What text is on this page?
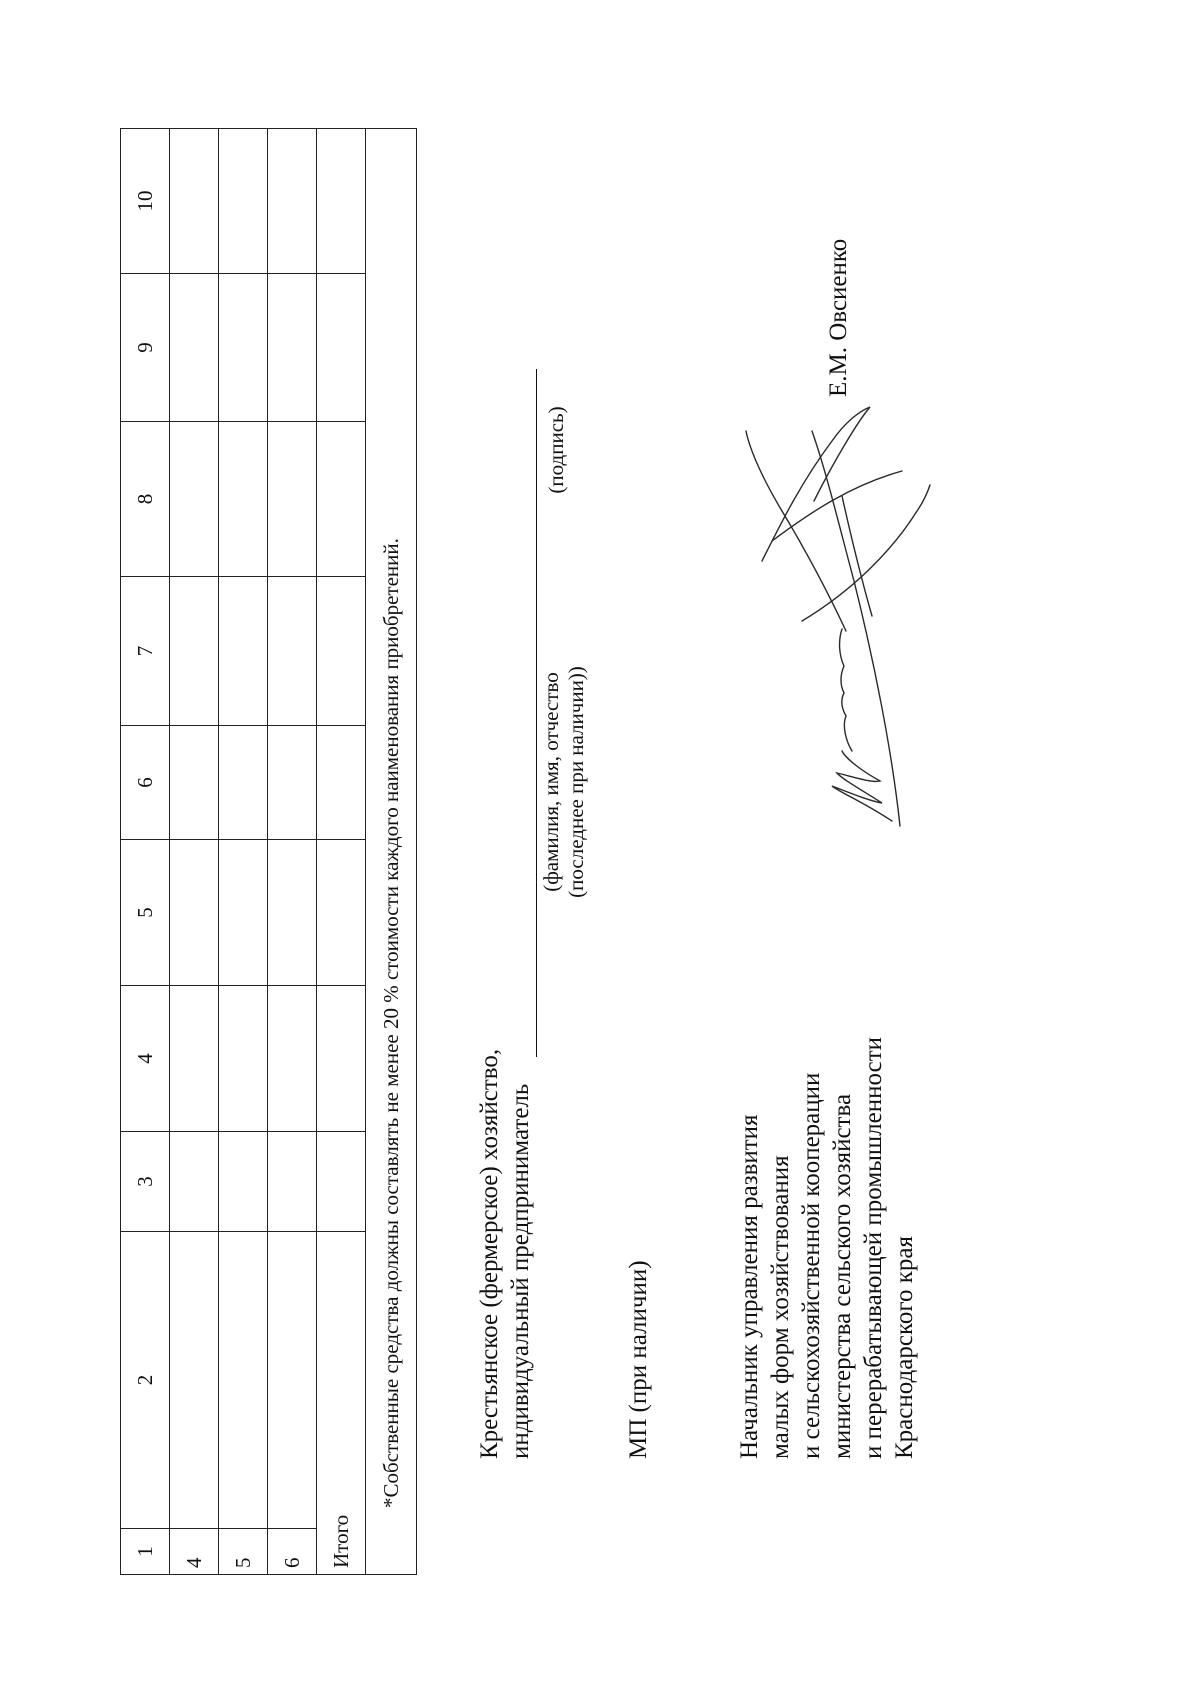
1	2	3	4	5	6	7	8	9	10
4									
5									
6									
Итого									
*Собственные средства должны составлять не менее 20 % стоимости каждого наименования приобретений.										Крестьянское (фермерское) хозяйство, индивидуальный предприниматель
(фамилия, имя, отчество (последнее при наличии))
(подпись)
МП (при наличии)	Начальник управления развития малых форм хозяйствования и сельскохозяйственной кооперации министерства сельского хозяйства и перерабатывающей промышленности Краснодарского края
Е.М. Овсиенко
